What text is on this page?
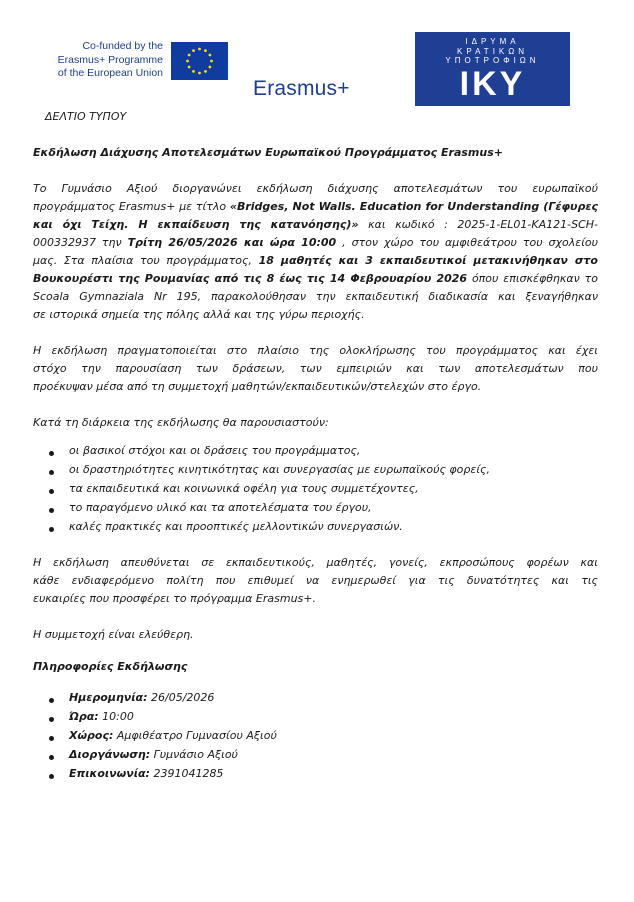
Co-funded by the
Erasmus+ Programme
of the European Union
Erasmus+
ΙΔΡΥΜΑ
ΚΡΑΤΙΚΩΝ
ΥΠΟΤΡΟΦΙΩΝ
ΙΚΥ
ΔΕΛΤΙΟ ΤΥΠΟΥ
Εκδήλωση Διάχυσης Αποτελεσμάτων Ευρωπαϊκού Προγράμματος Erasmus+
Το Γυμνάσιο Αξιού διοργανώνει εκδήλωση διάχυσης αποτελεσμάτων του ευρωπαϊκού
προγράμματος Erasmus+ με τίτλο «Bridges, Not Walls. Education for Understanding (Γέφυρες
και όχι Τείχη. Η εκπαίδευση της κατανόησης)» και κωδικό : 2025-1-EL01-KA121-SCH-
000332937 την Τρίτη 26/05/2026 και ώρα 10:00 , στον χώρο του αμφιθεάτρου του σχολείου
μας. Στα πλαίσια του προγράμματος, 18 μαθητές και 3 εκπαιδευτικοί μετακινήθηκαν στο
Βουκουρέστι της Ρουμανίας από τις 8 έως τις 14 Φεβρουαρίου 2026 όπου επισκέφθηκαν το
Scoala Gymnaziala Nr 195, παρακολούθησαν την εκπαιδευτική διαδικασία και ξεναγήθηκαν
σε ιστορικά σημεία της πόλης αλλά και της γύρω περιοχής.
Η εκδήλωση πραγματοποιείται στο πλαίσιο της ολοκλήρωσης του προγράμματος και έχει
στόχο την παρουσίαση των δράσεων, των εμπειριών και των αποτελεσμάτων που
προέκυψαν μέσα από τη συμμετοχή μαθητών/εκπαιδευτικών/στελεχών στο έργο.
Κατά τη διάρκεια της εκδήλωσης θα παρουσιαστούν:
οι βασικοί στόχοι και οι δράσεις του προγράμματος,
οι δραστηριότητες κινητικότητας και συνεργασίας με ευρωπαϊκούς φορείς,
τα εκπαιδευτικά και κοινωνικά οφέλη για τους συμμετέχοντες,
το παραγόμενο υλικό και τα αποτελέσματα του έργου,
καλές πρακτικές και προοπτικές μελλοντικών συνεργασιών.
Η εκδήλωση απευθύνεται σε εκπαιδευτικούς, μαθητές, γονείς, εκπροσώπους φορέων και
κάθε ενδιαφερόμενο πολίτη που επιθυμεί να ενημερωθεί για τις δυνατότητες και τις
ευκαιρίες που προσφέρει το πρόγραμμα Erasmus+.
Η συμμετοχή είναι ελεύθερη.
Πληροφορίες Εκδήλωσης
Ημερομηνία: 26/05/2026
Ώρα: 10:00
Χώρος: Αμφιθέατρο Γυμνασίου Αξιού
Διοργάνωση: Γυμνάσιο Αξιού
Επικοινωνία: 2391041285
